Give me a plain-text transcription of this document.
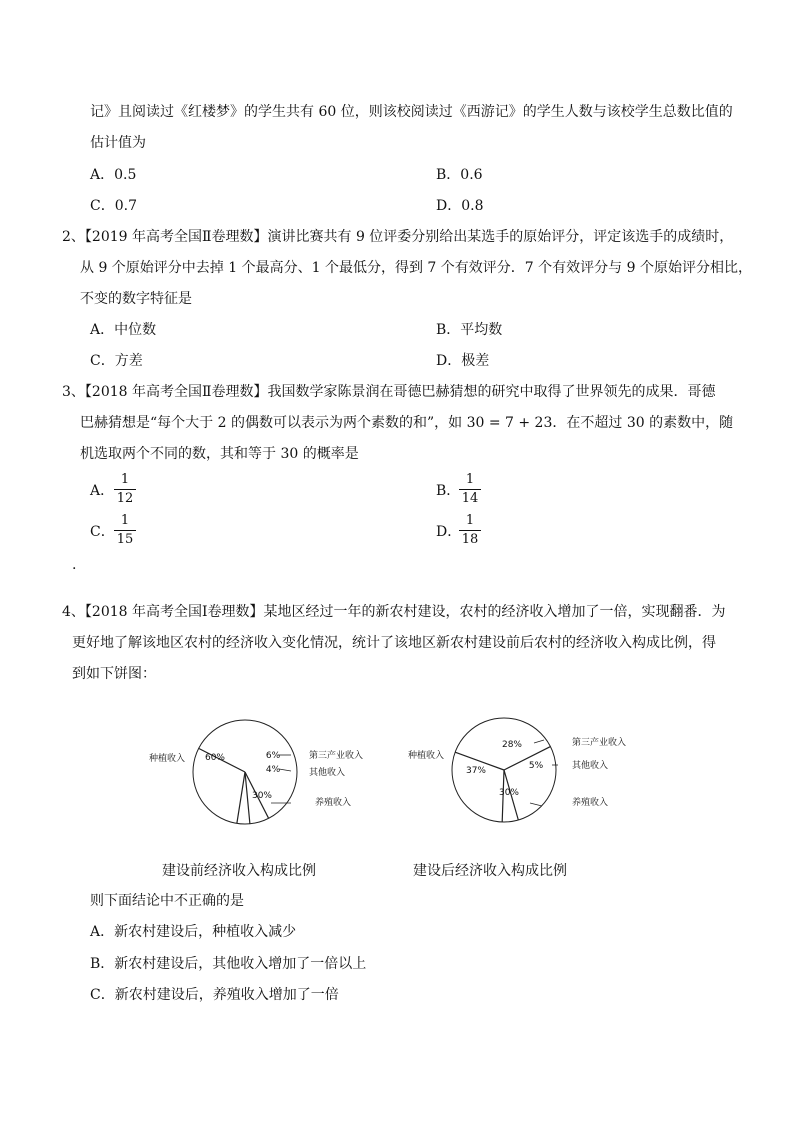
记》且阅读过《红楼梦》的学生共有 60 位，则该校阅读过《西游记》的学生人数与该校学生总数比值的
估计值为
A．0.5	B．0.6
C．0.7	D．0.8
2、【2019 年高考全国Ⅱ卷理数】演讲比赛共有 9 位评委分别给出某选手的原始评分，评定该选手的成绩时，
从 9 个原始评分中去掉 1 个最高分、1 个最低分，得到 7 个有效评分．7 个有效评分与 9 个原始评分相比，
不变的数字特征是
A．中位数	B．平均数
C．方差	D．极差
3、【2018 年高考全国Ⅱ卷理数】我国数学家陈景润在哥德巴赫猜想的研究中取得了世界领先的成果．哥德
巴赫猜想是“每个大于 2 的偶数可以表示为两个素数的和”，如 30 = 7 + 23．在不超过 30 的素数中，随
机选取两个不同的数，其和等于 30 的概率是
A．
1
12	B．
1
14
C．
1
15	D．
1
18
.
4、【2018 年高考全国Ⅰ卷理数】某地区经过一年的新农村建设，农村的经济收入增加了一倍，实现翻番．为
更好地了解该地区农村的经济收入变化情况，统计了该地区新农村建设前后农村的经济收入构成比例，得
到如下饼图：
60%
种植收入	6%	第三产业收入
4%	其他收入
30%
养殖收入
37%
种植收入
28%	第三产业收入
5%	其他收入
30%
养殖收入
建设前经济收入构成比例	建设后经济收入构成比例
则下面结论中不正确的是
A．新农村建设后，种植收入减少
B．新农村建设后，其他收入增加了一倍以上
C．新农村建设后，养殖收入增加了一倍
